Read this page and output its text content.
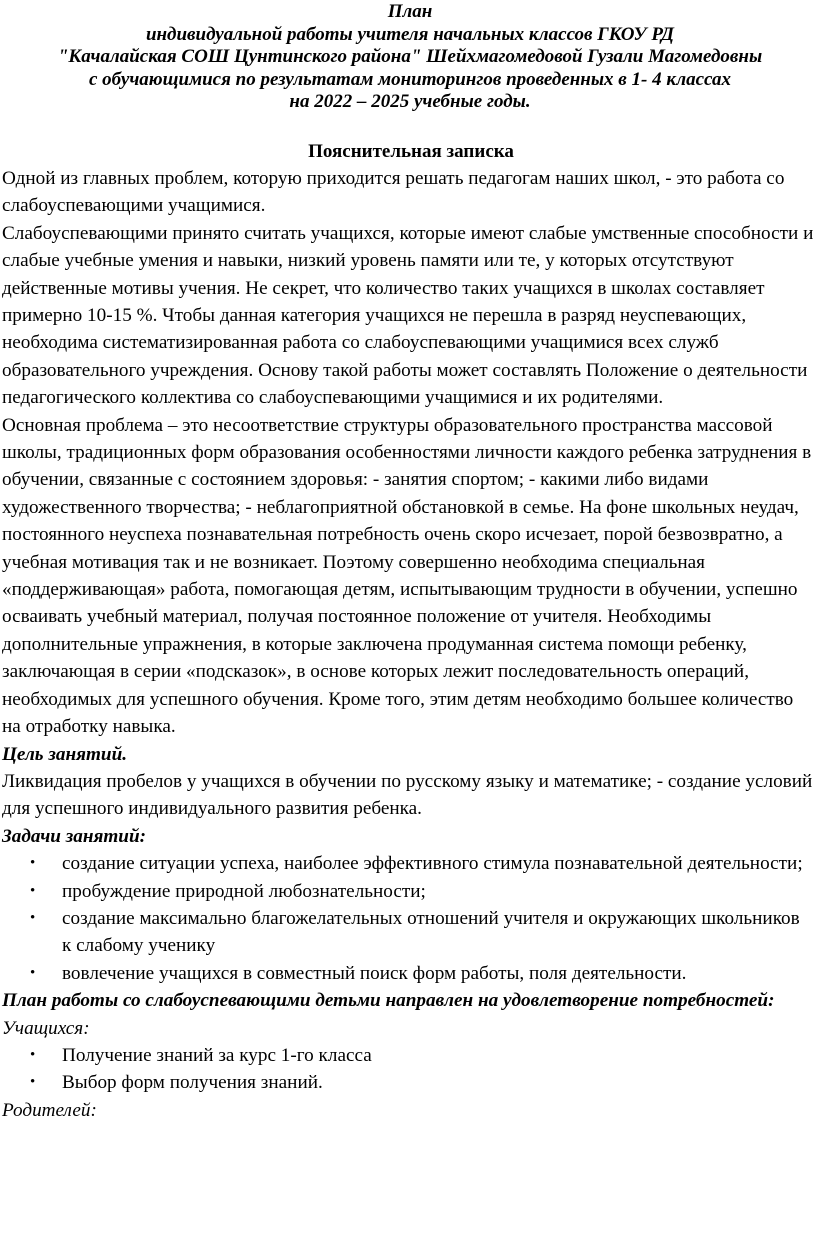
План
индивидуальной работы учителя начальных классов ГКОУ РД
"Качалайская СОШ Цунтинского района" Шейхмагомедовой Гузали Магомедовны
с обучающимися по результатам мониторингов проведенных в 1- 4 классах
на 2022 – 2025 учебные годы.
Пояснительная записка

Одной из главных проблем, которую приходится решать педагогам наших школ, - это работа со слабоуспевающими учащимися.

Слабоуспевающими принято считать учащихся, которые имеют слабые умственные способности и слабые учебные умения и навыки, низкий уровень памяти или те, у которых отсутствуют действенные мотивы учения. Не секрет, что количество таких учащихся в школах составляет примерно 10-15 %. Чтобы данная категория учащихся не перешла в разряд неуспевающих, необходима систематизированная работа со слабоуспевающими учащимися всех служб образовательного учреждения. Основу такой работы может составлять Положение о деятельности педагогического коллектива со слабоуспевающими учащимися и их родителями.

Основная проблема – это несоответствие структуры образовательного пространства массовой школы, традиционных форм образования особенностями личности каждого ребенка затруднения в обучении, связанные с состоянием здоровья: - занятия спортом; - какими либо видами художественного творчества; - неблагоприятной обстановкой в семье. На фоне школьных неудач, постоянного неуспеха познавательная потребность очень скоро исчезает, порой безвозвратно, а учебная мотивация так и не возникает. Поэтому совершенно необходима специальная «поддерживающая» работа, помогающая детям, испытывающим трудности в обучении, успешно осваивать учебный материал, получая постоянное положение от учителя. Необходимы дополнительные упражнения, в которые заключена продуманная система помощи ребенку, заключающая в серии «подсказок», в основе которых лежит последовательность операций, необходимых для успешного обучения. Кроме того, этим детям необходимо большее количество на отработку навыка.

Цель занятий.

Ликвидация пробелов у учащихся в обучении по русскому языку и математике; - создание условий для успешного индивидуального развития ребенка.

Задачи занятий:

• создание ситуации успеха, наиболее эффективного стимула познавательной деятельности;
• пробуждение природной любознательности;
• создание максимально благожелательных отношений учителя и окружающих школьников к слабому ученику
• вовлечение учащихся в совместный поиск форм работы, поля деятельности.

План работы со слабоуспевающими детьми направлен на удовлетворение потребностей:

Учащихся:

• Получение знаний за курс 1-го класса
• Выбор форм получения знаний.

Родителей:
